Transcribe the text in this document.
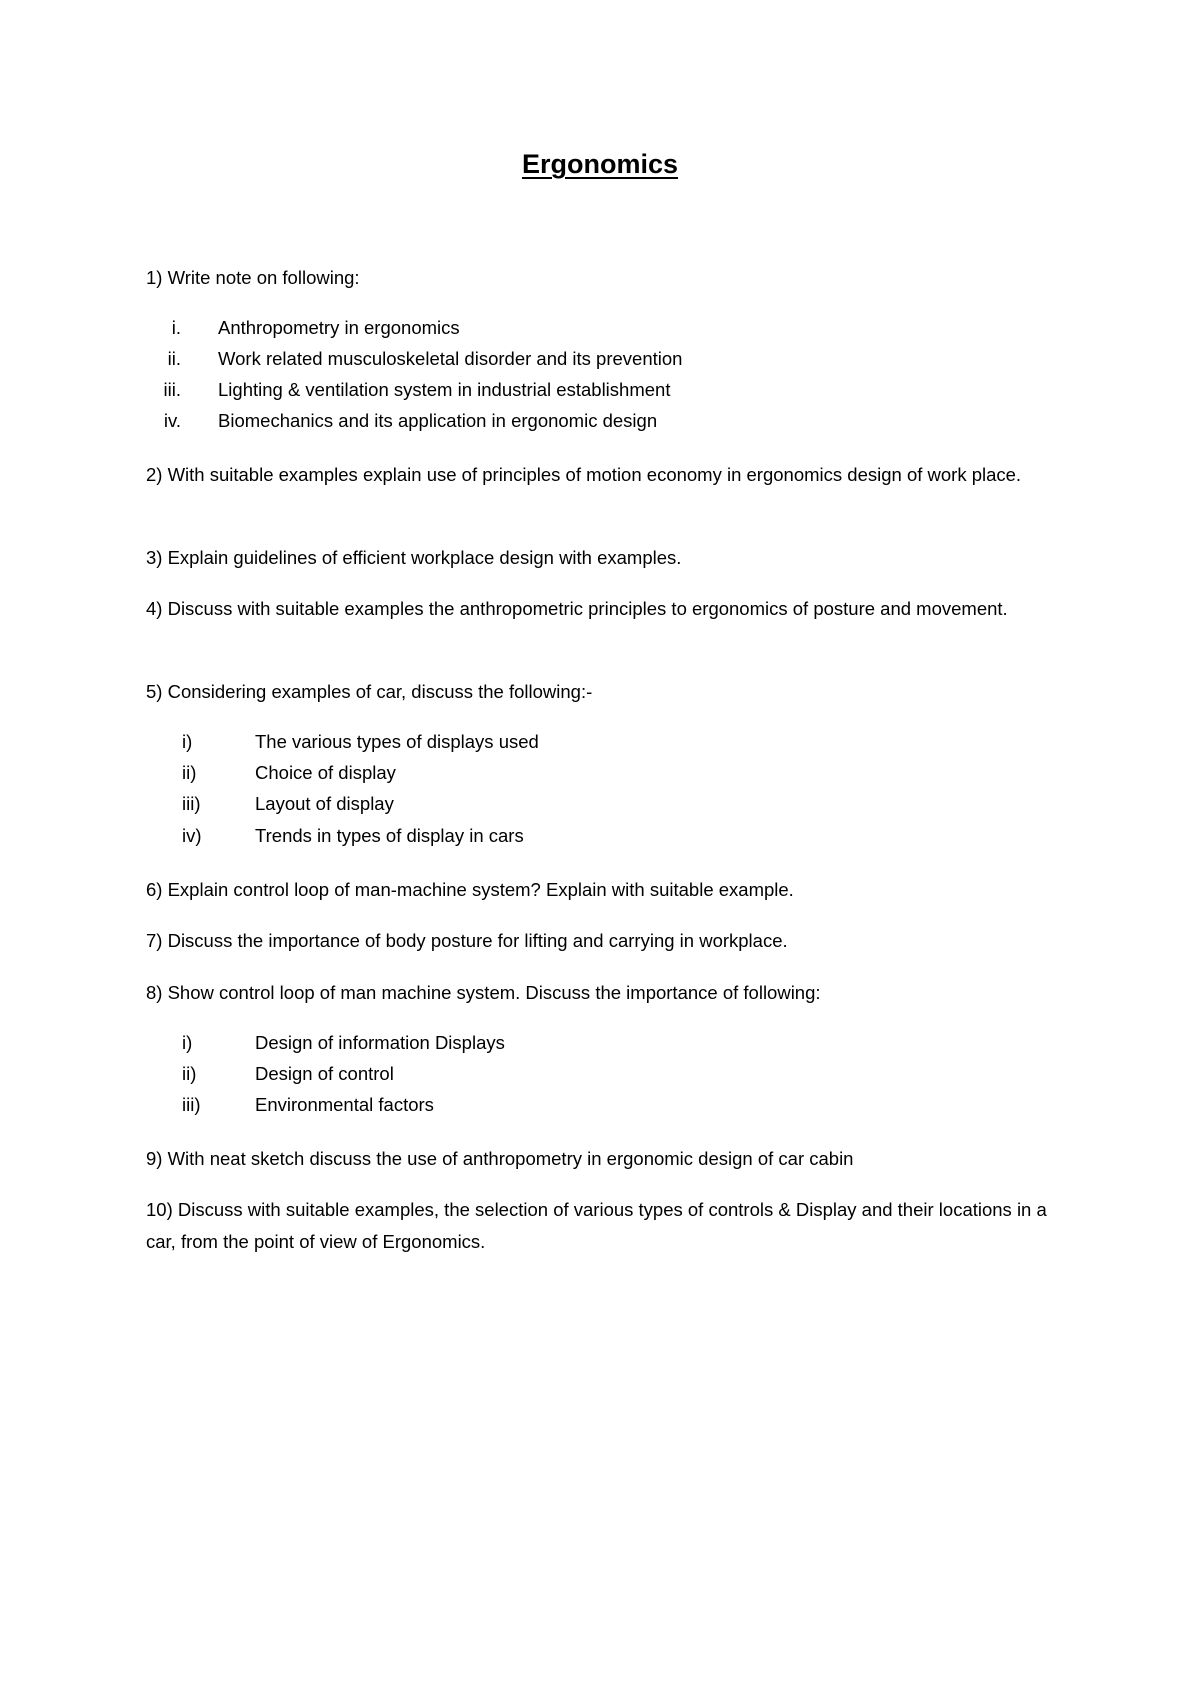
Ergonomics

1) Write note on following:

i. Anthropometry in ergonomics
ii. Work related musculoskeletal disorder and its prevention
iii. Lighting & ventilation system in industrial establishment
iv. Biomechanics and its application in ergonomic design

2) With suitable examples explain use of principles of motion economy in ergonomics design of work place.

3) Explain guidelines of efficient workplace design with examples.

4) Discuss with suitable examples the anthropometric principles to ergonomics of posture and movement.

5) Considering examples of car, discuss the following:-

i)	The various types of displays used
ii)	Choice of display
iii)	Layout of display
iv)	Trends in types of display in cars

6) Explain control loop of man-machine system? Explain with suitable example.

7) Discuss the importance of body posture for lifting and carrying in workplace.

8) Show control loop of man machine system. Discuss the importance of following:

i)	Design of information Displays
ii)	Design of control
iii)	Environmental factors

9) With neat sketch discuss the use of anthropometry in ergonomic design of car cabin

10) Discuss with suitable examples, the selection of various types of controls & Display and their locations in a car, from the point of view of Ergonomics.
